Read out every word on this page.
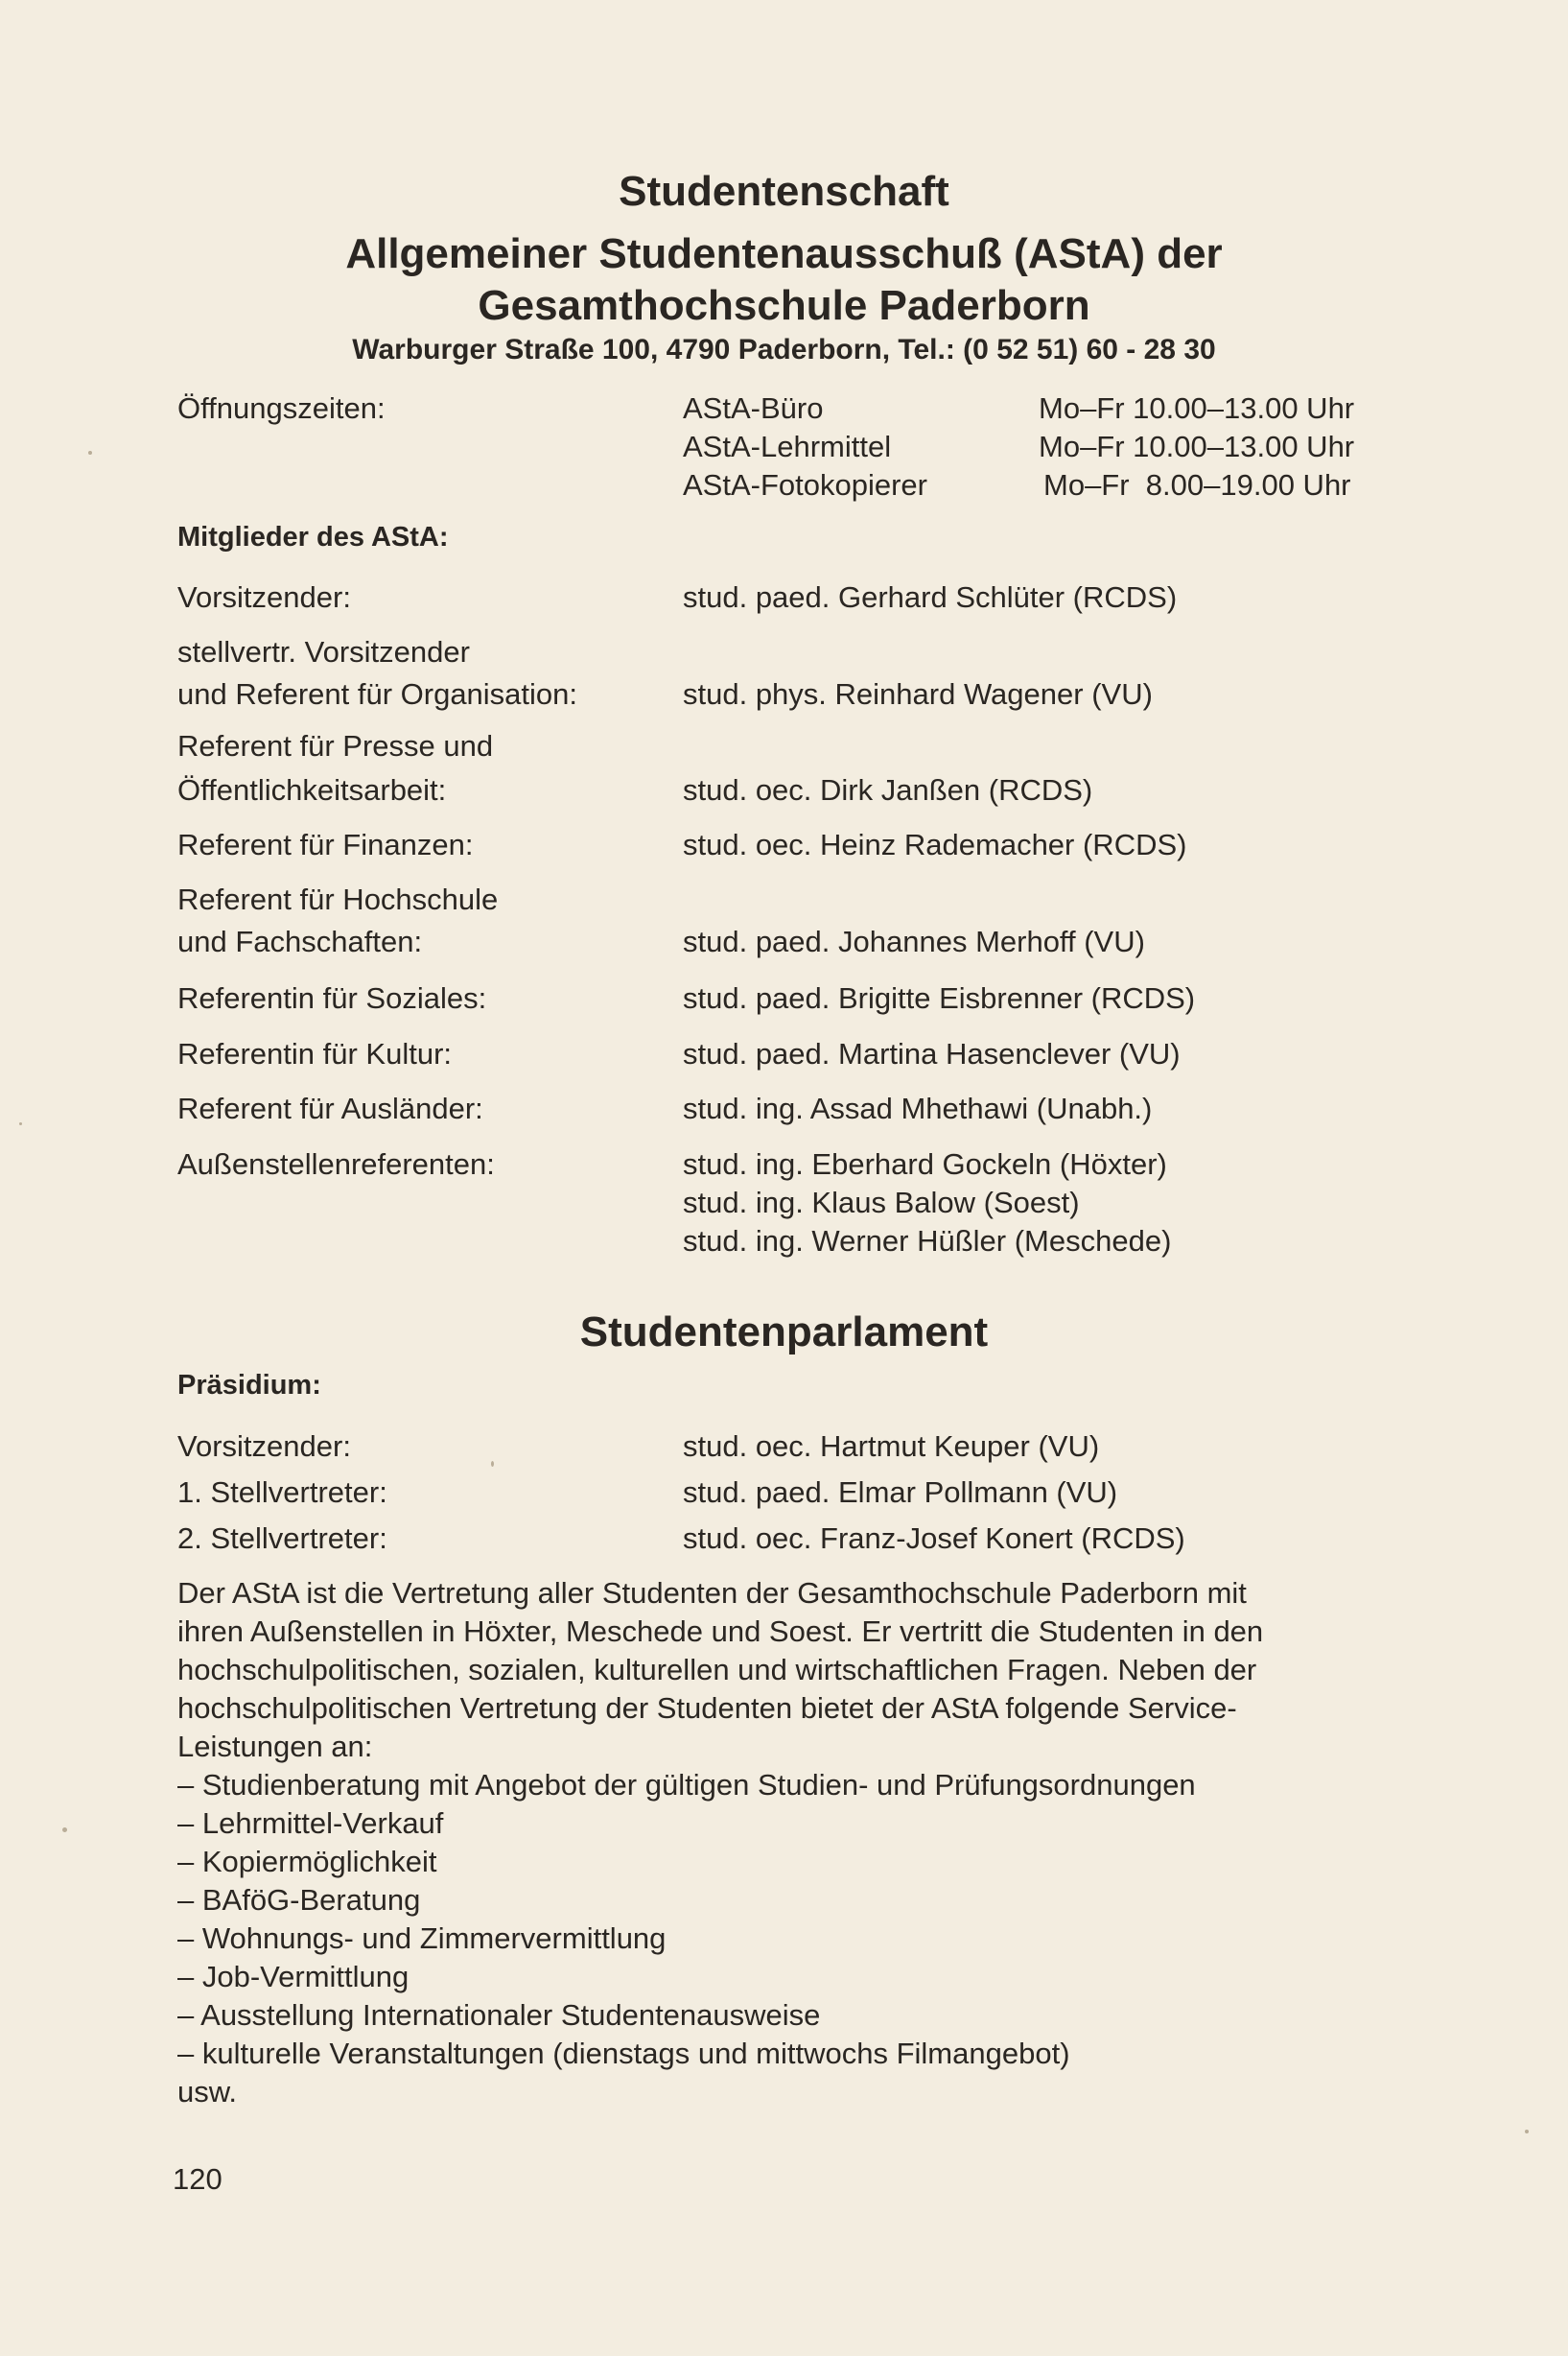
Studentenschaft
Allgemeiner Studentenausschuß (AStA) der
Gesamthochschule Paderborn
Warburger Straße 100, 4790 Paderborn, Tel.: (0 52 51) 60 - 28 30
Öffnungszeiten:	AStA-Büro	Mo–Fr 10.00–13.00 Uhr
AStA-Lehrmittel	Mo–Fr 10.00–13.00 Uhr
AStA-Fotokopierer	Mo–Fr  8.00–19.00 Uhr
Mitglieder des AStA:
Vorsitzender:	stud. paed. Gerhard Schlüter (RCDS)
stellvertr. Vorsitzender
und Referent für Organisation:	stud. phys. Reinhard Wagener (VU)
Referent für Presse und
Öffentlichkeitsarbeit:	stud. oec. Dirk Janßen (RCDS)
Referent für Finanzen:	stud. oec. Heinz Rademacher (RCDS)
Referent für Hochschule
und Fachschaften:	stud. paed. Johannes Merhoff (VU)
Referentin für Soziales:	stud. paed. Brigitte Eisbrenner (RCDS)
Referentin für Kultur:	stud. paed. Martina Hasenclever (VU)
Referent für Ausländer:	stud. ing. Assad Mhethawi (Unabh.)
Außenstellenreferenten:	stud. ing. Eberhard Gockeln (Höxter)
stud. ing. Klaus Balow (Soest)
stud. ing. Werner Hüßler (Meschede)
Studentenparlament
Präsidium:
Vorsitzender:	stud. oec. Hartmut Keuper (VU)
1. Stellvertreter:	stud. paed. Elmar Pollmann (VU)
2. Stellvertreter:	stud. oec. Franz-Josef Konert (RCDS)
Der AStA ist die Vertretung aller Studenten der Gesamthochschule Paderborn mit
ihren Außenstellen in Höxter, Meschede und Soest. Er vertritt die Studenten in den
hochschulpolitischen, sozialen, kulturellen und wirtschaftlichen Fragen. Neben der
hochschulpolitischen Vertretung der Studenten bietet der AStA folgende Service-
Leistungen an:
– Studienberatung mit Angebot der gültigen Studien- und Prüfungsordnungen
– Lehrmittel-Verkauf
– Kopiermöglichkeit
– BAföG-Beratung
– Wohnungs- und Zimmervermittlung
– Job-Vermittlung
– Ausstellung Internationaler Studentenausweise
– kulturelle Veranstaltungen (dienstags und mittwochs Filmangebot)
usw.
120
